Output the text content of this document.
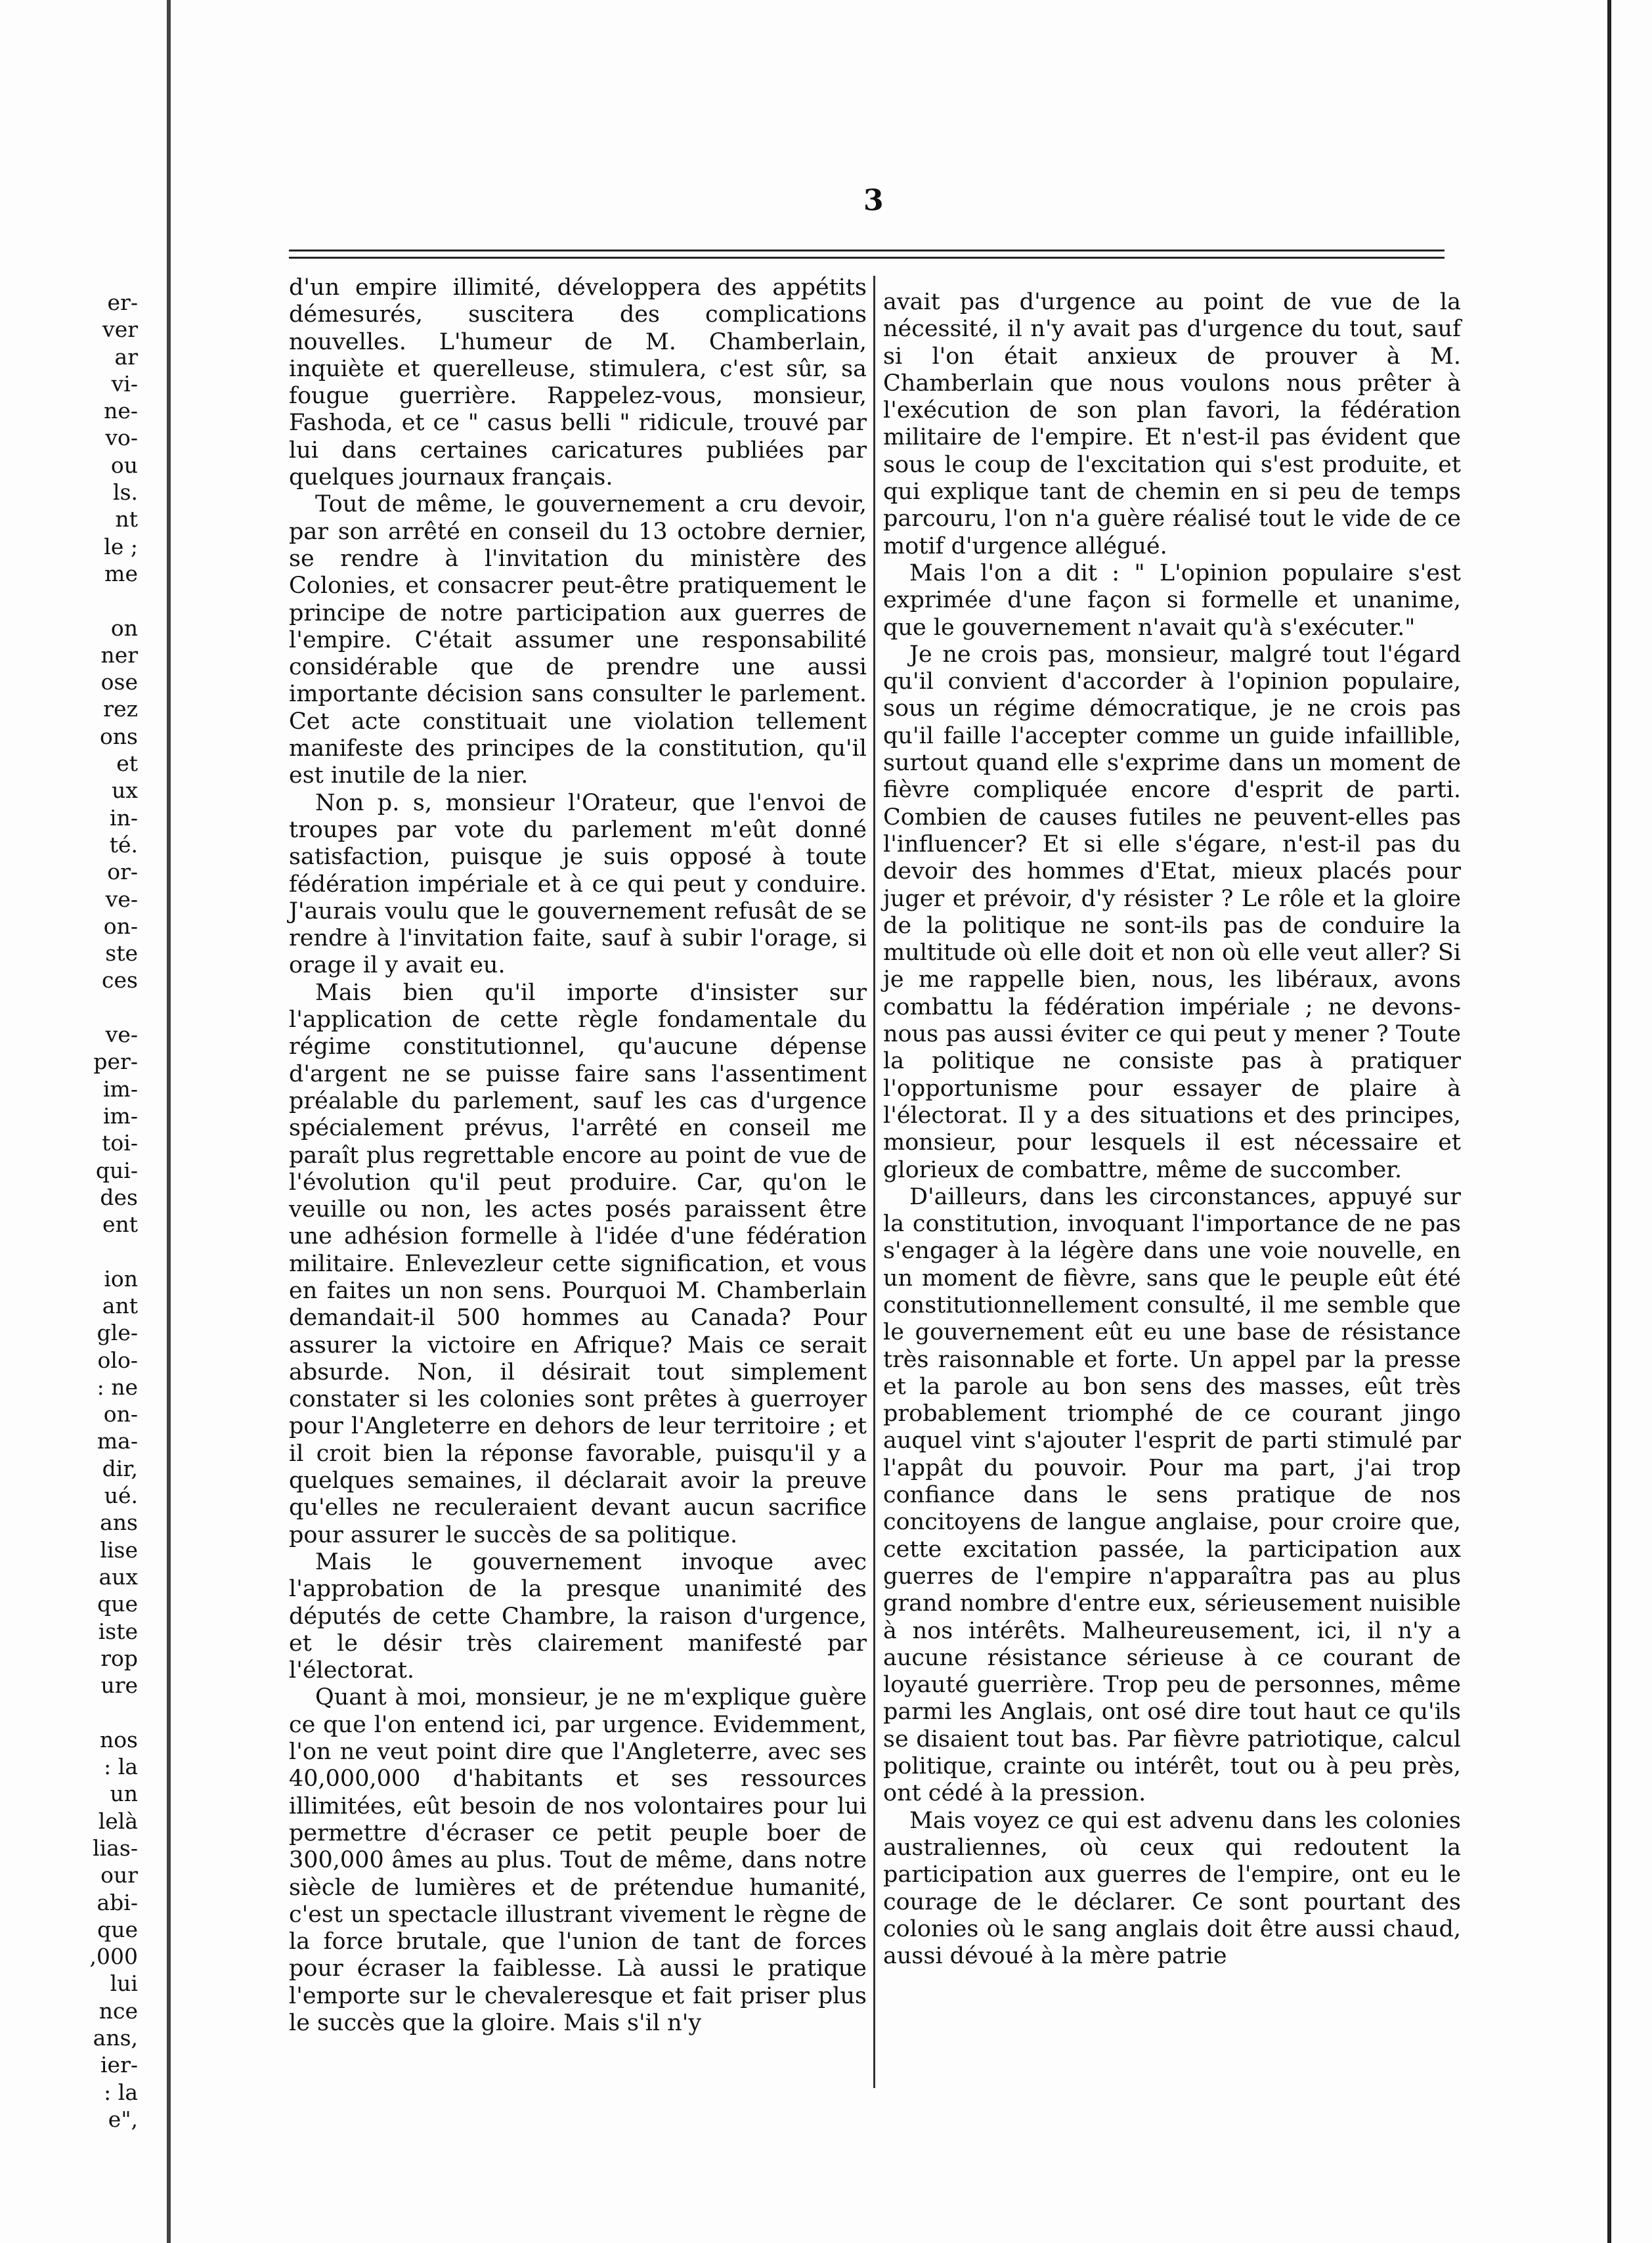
er-
ver
ar
vi-
ne-
vo-
ou
ls.
nt
le ;
me

on
ner
ose
rez
ons
et
ux
in-
té.
or-
ve-
on-
ste
ces

ve-
per-
im-
im-
toi-
qui-
des
ent

ion
ant
gle-
olo-
: ne
on-
ma-
dir,
ué.
ans
lise
aux
que
iste
rop
ure

nos
: la
un
lelà
lias-
our
abi-
que
,000
lui
nce
ans,
ier-
: la
e",
3

d'un empire illimité, développera des appétits démesurés, suscitera des complications nouvelles. L'humeur de M. Chamberlain, inquiète et querelleuse, stimulera, c'est sûr, sa fougue guerrière. Rappelez-vous, monsieur, Fashoda, et ce " casus belli " ridicule, trouvé par lui dans certaines caricatures publiées par quelques journaux français.

Tout de même, le gouvernement a cru devoir, par son arrêté en conseil du 13 octobre dernier, se rendre à l'invitation du ministère des Colonies, et consacrer peut-être pratiquement le principe de notre participation aux guerres de l'empire. C'était assumer une responsabilité considérable que de prendre une aussi importante décision sans consulter le parlement. Cet acte constituait une violation tellement manifeste des principes de la constitution, qu'il est inutile de la nier.

Non p. s, monsieur l'Orateur, que l'envoi de troupes par vote du parlement m'eût donné satisfaction, puisque je suis opposé à toute fédération impériale et à ce qui peut y conduire. J'aurais voulu que le gouvernement refusât de se rendre à l'invitation faite, sauf à subir l'orage, si orage il y avait eu.

Mais bien qu'il importe d'insister sur l'application de cette règle fondamentale du régime constitutionnel, qu'aucune dépense d'argent ne se puisse faire sans l'assentiment préalable du parlement, sauf les cas d'urgence spécialement prévus, l'arrêté en conseil me paraît plus regrettable encore au point de vue de l'évolution qu'il peut produire. Car, qu'on le veuille ou non, les actes posés paraissent être une adhésion formelle à l'idée d'une fédération militaire. Enlevezleur cette signification, et vous en faites un non sens. Pourquoi M. Chamberlain demandait-il 500 hommes au Canada? Pour assurer la victoire en Afrique? Mais ce serait absurde. Non, il désirait tout simplement constater si les colonies sont prêtes à guerroyer pour l'Angleterre en dehors de leur territoire ; et il croit bien la réponse favorable, puisqu'il y a quelques semaines, il déclarait avoir la preuve qu'elles ne reculeraient devant aucun sacrifice pour assurer le succès de sa politique.

Mais le gouvernement invoque avec l'approbation de la presque unanimité des députés de cette Chambre, la raison d'urgence, et le désir très clairement manifesté par l'électorat.

Quant à moi, monsieur, je ne m'explique guère ce que l'on entend ici, par urgence. Evidemment, l'on ne veut point dire que l'Angleterre, avec ses 40,000,000 d'habitants et ses ressources illimitées, eût besoin de nos volontaires pour lui permettre d'écraser ce petit peuple boer de 300,000 âmes au plus. Tout de même, dans notre siècle de lumières et de prétendue humanité, c'est un spectacle illustrant vivement le règne de la force brutale, que l'union de tant de forces pour écraser la faiblesse. Là aussi le pratique l'emporte sur le chevaleresque et fait priser plus le succès que la gloire. Mais s'il n'y

avait pas d'urgence au point de vue de la nécessité, il n'y avait pas d'urgence du tout, sauf si l'on était anxieux de prouver à M. Chamberlain que nous voulons nous prêter à l'exécution de son plan favori, la fédération militaire de l'empire. Et n'est-il pas évident que sous le coup de l'excitation qui s'est produite, et qui explique tant de chemin en si peu de temps parcouru, l'on n'a guère réalisé tout le vide de ce motif d'urgence allégué.

Mais l'on a dit : " L'opinion populaire s'est exprimée d'une façon si formelle et unanime, que le gouvernement n'avait qu'à s'exécuter."

Je ne crois pas, monsieur, malgré tout l'égard qu'il convient d'accorder à l'opinion populaire, sous un régime démocratique, je ne crois pas qu'il faille l'accepter comme un guide infaillible, surtout quand elle s'exprime dans un moment de fièvre compliquée encore d'esprit de parti. Combien de causes futiles ne peuvent-elles pas l'influencer? Et si elle s'égare, n'est-il pas du devoir des hommes d'Etat, mieux placés pour juger et prévoir, d'y résister ? Le rôle et la gloire de la politique ne sont-ils pas de conduire la multitude où elle doit et non où elle veut aller? Si je me rappelle bien, nous, les libéraux, avons combattu la fédération impériale ; ne devons-nous pas aussi éviter ce qui peut y mener ? Toute la politique ne consiste pas à pratiquer l'opportunisme pour essayer de plaire à l'électorat. Il y a des situations et des principes, monsieur, pour lesquels il est nécessaire et glorieux de combattre, même de succomber.

D'ailleurs, dans les circonstances, appuyé sur la constitution, invoquant l'importance de ne pas s'engager à la légère dans une voie nouvelle, en un moment de fièvre, sans que le peuple eût été constitutionnellement consulté, il me semble que le gouvernement eût eu une base de résistance très raisonnable et forte. Un appel par la presse et la parole au bon sens des masses, eût très probablement triomphé de ce courant jingo auquel vint s'ajouter l'esprit de parti stimulé par l'appât du pouvoir. Pour ma part, j'ai trop confiance dans le sens pratique de nos concitoyens de langue anglaise, pour croire que, cette excitation passée, la participation aux guerres de l'empire n'apparaîtra pas au plus grand nombre d'entre eux, sérieusement nuisible à nos intérêts. Malheureusement, ici, il n'y a aucune résistance sérieuse à ce courant de loyauté guerrière. Trop peu de personnes, même parmi les Anglais, ont osé dire tout haut ce qu'ils se disaient tout bas. Par fièvre patriotique, calcul politique, crainte ou intérêt, tout ou à peu près, ont cédé à la pression.

Mais voyez ce qui est advenu dans les colonies australiennes, où ceux qui redoutent la participation aux guerres de l'empire, ont eu le courage de le déclarer. Ce sont pourtant des colonies où le sang anglais doit être aussi chaud, aussi dévoué à la mère patrie
